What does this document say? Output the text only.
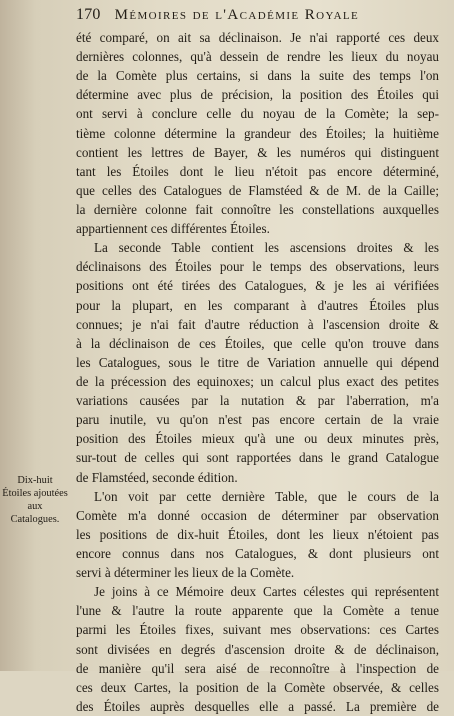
170 Mémoires de l'Académie Royale
Dix-huit
Étoiles ajoutées
aux
Catalogues.
été comparé, on ait sa déclinaison. Je n'ai rapporté ces deux
dernières colonnes, qu'à dessein de rendre les lieux du noyau
de la Comète plus certains, si dans la suite des temps l'on
détermine avec plus de précision, la position des Étoiles qui
ont servi à conclure celle du noyau de la Comète; la sep-
tième colonne détermine la grandeur des Étoiles; la huitième
contient les lettres de Bayer, & les numéros qui distinguent
tant les Étoiles dont le lieu n'étoit pas encore déterminé,
que celles des Catalogues de Flamstéed & de M. de la Caille;
la dernière colonne fait connoître les constellations auxquelles
appartiennent ces différentes Étoiles.
La seconde Table contient les ascensions droites & les
déclinaisons des Étoiles pour le temps des observations, leurs
positions ont été tirées des Catalogues, & je les ai vérifiées
pour la plupart, en les comparant à d'autres Étoiles plus
connues; je n'ai fait d'autre réduction à l'ascension droite &
à la déclinaison de ces Étoiles, que celle qu'on trouve dans
les Catalogues, sous le titre de Variation annuelle qui dépend
de la précession des equinoxes; un calcul plus exact des petites
variations causées par la nutation & par l'aberration, m'a
paru inutile, vu qu'on n'est pas encore certain de la vraie
position des Étoiles mieux qu'à une ou deux minutes près,
sur-tout de celles qui sont rapportées dans le grand Catalogue
de Flamstéed, seconde édition.
L'on voit par cette dernière Table, que le cours de la
Comète m'a donné occasion de déterminer par observation
les positions de dix-huit Étoiles, dont les lieux n'étoient pas
encore connus dans nos Catalogues, & dont plusieurs ont
servi à déterminer les lieux de la Comète.
Je joins à ce Mémoire deux Cartes célestes qui représentent
l'une & l'autre la route apparente que la Comète a tenue
parmi les Étoiles fixes, suivant mes observations: ces Cartes
sont divisées en degrés d'ascension droite & de déclinaison,
de manière qu'il sera aisé de reconnoître à l'inspection de
ces deux Cartes, la position de la Comète observée, & celles
des Étoiles auprès desquelles elle a passé. La première de
